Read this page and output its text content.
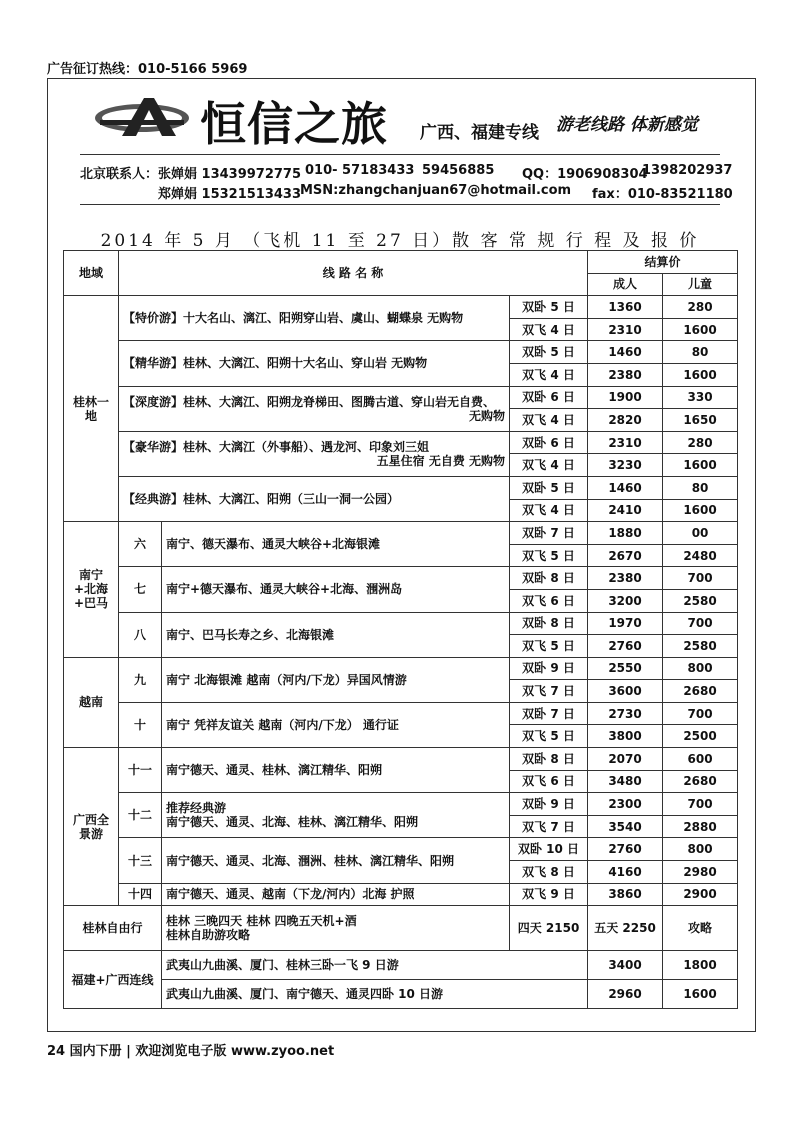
广告征订热线：010-5166 5969
恒信之旅 广西、福建专线 游老线路 体新感觉
北京联系人：张婵娟 13439972775 010- 57183433 59456885 QQ：1906908304
1398202937
郑婵娟 15321513433
MSN:zhangchanjuan67@hotmail.com fax：010-83521180
2014 年 5 月 （飞机 11 至 27 日）散 客 常 规 行 程 及 报 价
地域	线 路 名 称			结算价	
				成人	儿童
桂林一地	【特价游】十大名山、漓江、阳朔穿山岩、虞山、蝴蝶泉 无购物		双卧 5 日	1360	280
			双飞 4 日	2310	1600

	【精华游】桂林、大漓江、阳朔十大名山、穿山岩 无购物		双卧 5 日	1460	80
			双飞 4 日	2380	1600

	【深度游】桂林、大漓江、阳朔龙脊梯田、图腾古道、穿山岩无自费、
无购物		双卧 6 日	1900	330
			双飞 4 日	2820	1650

	【豪华游】桂林、大漓江（外事船）、遇龙河、印象刘三姐
五星住宿 无自费 无购物		双卧 6 日	2310	280
			双飞 4 日	3230	1600

	【经典游】桂林、大漓江、阳朔（三山一洞一公园）		双卧 5 日	1460	80
			双飞 4 日	2410	1600
南宁+北海+巴马	六	南宁、德天瀑布、通灵大峡谷+北海银滩	双卧 7 日	1880	00
			双飞 5 日	2670	2480
	七	南宁+德天瀑布、通灵大峡谷+北海、涠洲岛	双卧 8 日	2380	700
			双飞 6 日	3200	2580
	八	南宁、巴马长寿之乡、北海银滩	双卧 8 日	1970	700
			双飞 5 日	2760	2580
越南	九	南宁 北海银滩 越南（河内/下龙）异国风情游	双卧 9 日	2550	800
			双飞 7 日	3600	2680
	十	南宁 凭祥友谊关 越南（河内/下龙） 通行证	双卧 7 日	2730	700
			双飞 5 日	3800	2500
广西全景游	十一	南宁德天、通灵、桂林、漓江精华、阳朔	双卧 8 日	2070	600
			双飞 6 日	3480	2680
	十二	推荐经典游
南宁德天、通灵、北海、桂林、漓江精华、阳朔	双卧 9 日	2300	700
			双飞 7 日	3540	2880
	十三	南宁德天、通灵、北海、涠洲、桂林、漓江精华、阳朔	双卧 10 日	2760	800
			双飞 8 日	4160	2980
	十四	南宁德天、通灵、越南（下龙/河内）北海 护照	双飞 9 日	3860	2900
桂林自由行		桂林 三晚四天 桂林 四晚五天机+酒
桂林自助游攻略	四天 2150	五天 2250	攻略
福建+广西连线		武夷山九曲溪、厦门、桂林三卧一飞 9 日游		3400	1800
		武夷山九曲溪、厦门、南宁德天、通灵四卧 10 日游		2960	1600
24 国内下册 | 欢迎浏览电子版 www.zyoo.net
